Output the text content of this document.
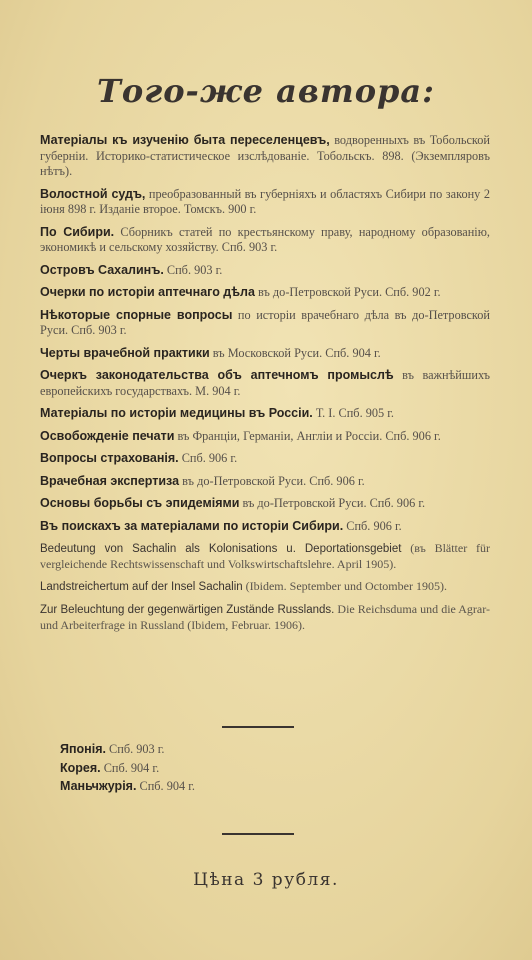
Того-же автора:
Матеріалы къ изученію быта переселенцевъ, водворенныхъ въ Тобольской губерніи. Историко-статистическое изслѣдованіе. Тобольскъ. 898. (Экземпляровъ нѣтъ).
Волостной судъ, преобразованный въ губерніяхъ и областяхъ Сибири по закону 2 іюня 898 г. Изданіе второе. Томскъ. 900 г.
По Сибири. Сборникъ статей по крестьянскому праву, народному образованію, экономикѣ и сельскому хозяйству. Спб. 903 г.
Островъ Сахалинъ. Спб. 903 г.
Очерки по исторіи аптечнаго дѣла въ до-Петровской Руси. Спб. 902 г.
Нѣкоторые спорные вопросы по исторіи врачебнаго дѣла въ до-Петровской Руси. Спб. 903 г.
Черты врачебной практики въ Московской Руси. Спб. 904 г.
Очеркъ законодательства объ аптечномъ промыслѣ въ важнѣйшихъ европейскихъ государствахъ. М. 904 г.
Матеріалы по исторіи медицины въ Россіи. Т. I. Спб. 905 г.
Освобожденіе печати въ Франціи, Германіи, Англіи и Россіи. Спб. 906 г.
Вопросы страхованія. Спб. 906 г.
Врачебная экспертиза въ до-Петровской Руси. Спб. 906 г.
Основы борьбы съ эпидеміями въ до-Петровской Руси. Спб. 906 г.
Въ поискахъ за матеріалами по исторіи Сибири. Спб. 906 г.
Bedeutung von Sachalin als Kolonisations u. Deportationsgebiet (въ Blätter für vergleichende Rechtswissenschaft und Volkswirtschaftslehre. April 1905).
Landstreichertum auf der Insel Sachalin (Ibidem. September und Octomber 1905).
Zur Beleuchtung der gegenwärtigen Zustände Russlands. Die Reichsduma und die Agrar-und Arbeiterfrage in Russland (Ibidem, Februar. 1906).
Японія. Спб. 903 г.
Корея. Спб. 904 г.
Маньчжурія. Спб. 904 г.
Цѣна 3 рубля.
